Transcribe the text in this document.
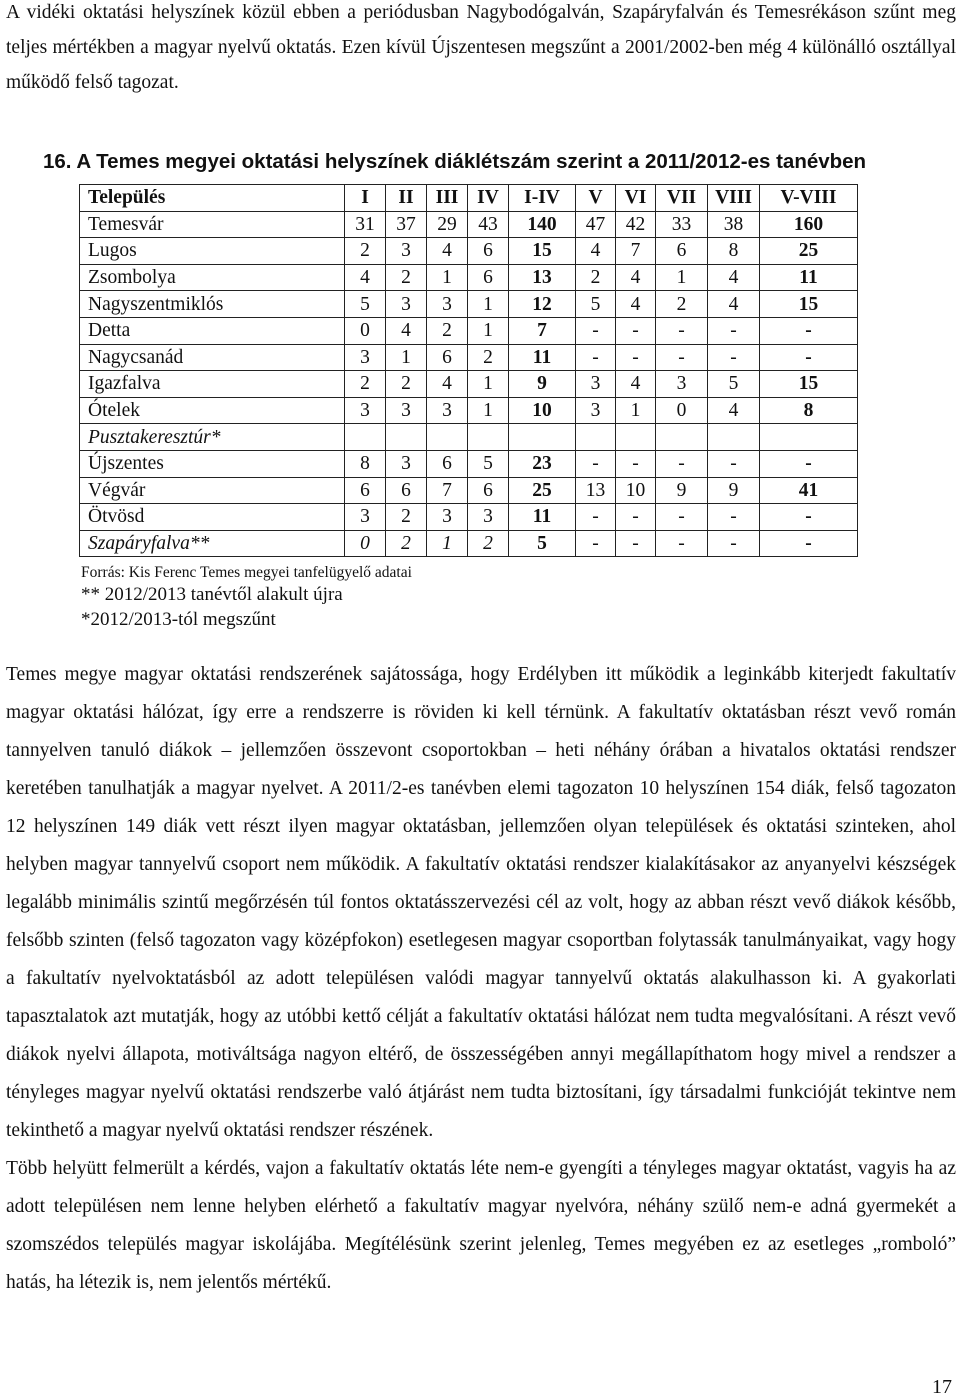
A vidéki oktatási helyszínek közül ebben a periódusban Nagybodógalván, Szapáryfalván és Temesrékáson szűnt meg teljes mértékben a magyar nyelvű oktatás. Ezen kívül Újszentesen megszűnt a 2001/2002-ben még 4 különálló osztállyal működő felső tagozat.

16. A Temes megyei oktatási helyszínek diáklétszám szerint a 2011/2012-es tanévben
Település	I	II	III	IV	I-IV	V	VI	VII	VIII	V-VIII
Temesvár	31	37	29	43	140	47	42	33	38	160
Lugos	2	3	4	6	15	4	7	6	8	25
Zsombolya	4	2	1	6	13	2	4	1	4	11
Nagyszentmiklós	5	3	3	1	12	5	4	2	4	15
Detta	0	4	2	1	7	-	-	-	-	-
Nagycsanád	3	1	6	2	11	-	-	-	-	-
Igazfalva	2	2	4	1	9	3	4	3	5	15
Ótelek	3	3	3	1	10	3	1	0	4	8
Pusztakeresztúr*										
Újszentes	8	3	6	5	23	-	-	-	-	-
Végvár	6	6	7	6	25	13	10	9	9	41
Ötvösd	3	2	3	3	11	-	-	-	-	-
Szapáryfalva**	0	2	1	2	5	-	-	-	-	-
Forrás: Kis Ferenc Temes megyei tanfelügyelő adatai
** 2012/2013 tanévtől alakult újra
*2012/2013-tól megszűnt

Temes megye magyar oktatási rendszerének sajátossága, hogy Erdélyben itt működik a leginkább kiterjedt fakultatív magyar oktatási hálózat, így erre a rendszerre is röviden ki kell térnünk. A fakultatív oktatásban részt vevő román tannyelven tanuló diákok – jellemzően összevont csoportokban – heti néhány órában a hivatalos oktatási rendszer keretében tanulhatják a magyar nyelvet. A 2011/2-es tanévben elemi tagozaton 10 helyszínen 154 diák, felső tagozaton 12 helyszínen 149 diák vett részt ilyen magyar oktatásban, jellemzően olyan települések és oktatási szinteken, ahol helyben magyar tannyelvű csoport nem működik. A fakultatív oktatási rendszer kialakításakor az anyanyelvi készségek legalább minimális szintű megőrzésén túl fontos oktatásszervezési cél az volt, hogy az abban részt vevő diákok később, felsőbb szinten (felső tagozaton vagy középfokon) esetlegesen magyar csoportban folytassák tanulmányaikat, vagy hogy a fakultatív nyelvoktatásból az adott településen valódi magyar tannyelvű oktatás alakulhasson ki. A gyakorlati tapasztalatok azt mutatják, hogy az utóbbi kettő célját a fakultatív oktatási hálózat nem tudta megvalósítani. A részt vevő diákok nyelvi állapota, motiváltsága nagyon eltérő, de összességében annyi megállapíthatom hogy mivel a rendszer a tényleges magyar nyelvű oktatási rendszerbe való átjárást nem tudta biztosítani, így társadalmi funkcióját tekintve nem tekinthető a magyar nyelvű oktatási rendszer részének.

Több helyütt felmerült a kérdés, vajon a fakultatív oktatás léte nem-e gyengíti a tényleges magyar oktatást, vagyis ha az adott településen nem lenne helyben elérhető a fakultatív magyar nyelvóra, néhány szülő nem-e adná gyermekét a szomszédos település magyar iskolájába. Megítélésünk szerint jelenleg, Temes megyében ez az esetleges „romboló” hatás, ha létezik is, nem jelentős mértékű.

17
